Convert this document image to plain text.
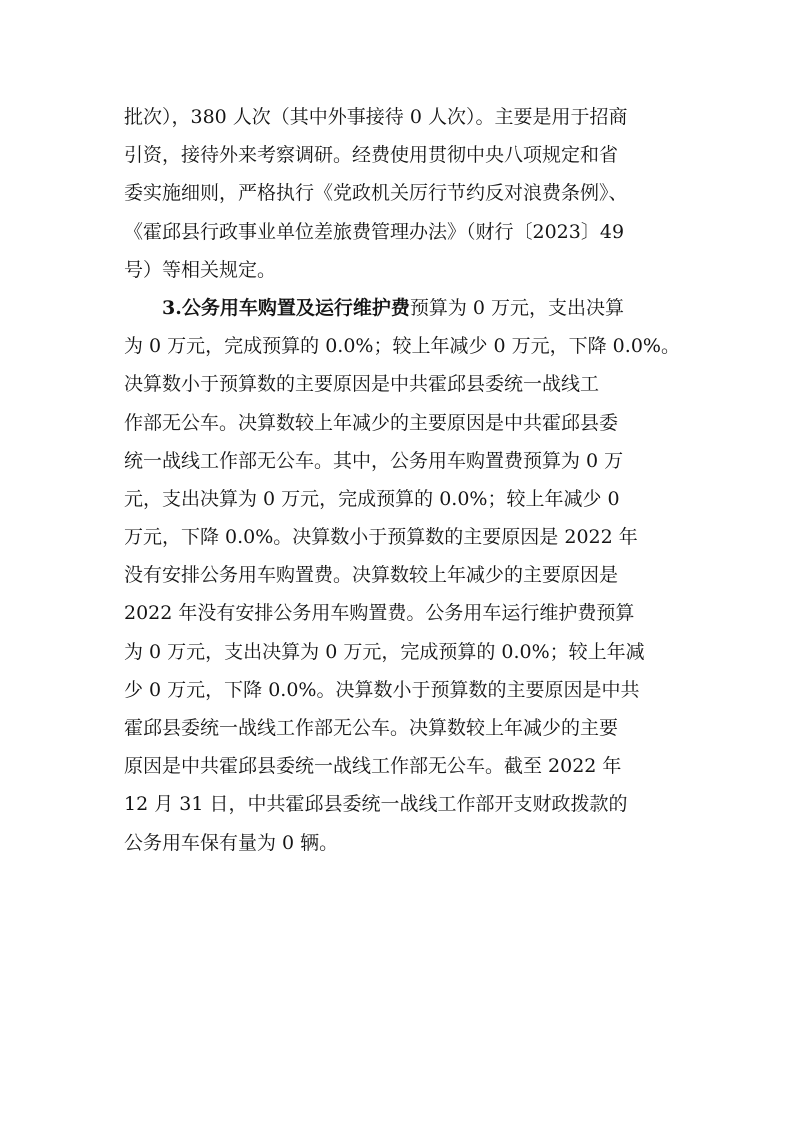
批次），380 人次（其中外事接待 0 人次）。主要是用于招商
引资，接待外来考察调研。经费使用贯彻中央八项规定和省
委实施细则，严格执行《党政机关厉行节约反对浪费条例》、
《霍邱县行政事业单位差旅费管理办法》（财行〔2023〕49
号）等相关规定。
3.公务用车购置及运行维护费预算为 0 万元，支出决算
为 0 万元，完成预算的 0.0%；较上年减少 0 万元，下降 0.0%。
决算数小于预算数的主要原因是中共霍邱县委统一战线工
作部无公车。决算数较上年减少的主要原因是中共霍邱县委
统一战线工作部无公车。其中，公务用车购置费预算为 0 万
元，支出决算为 0 万元，完成预算的 0.0%；较上年减少 0
万元，下降 0.0%。决算数小于预算数的主要原因是 2022 年
没有安排公务用车购置费。决算数较上年减少的主要原因是
2022 年没有安排公务用车购置费。公务用车运行维护费预算
为 0 万元，支出决算为 0 万元，完成预算的 0.0%；较上年减
少 0 万元，下降 0.0%。决算数小于预算数的主要原因是中共
霍邱县委统一战线工作部无公车。决算数较上年减少的主要
原因是中共霍邱县委统一战线工作部无公车。截至 2022 年
12 月 31 日，中共霍邱县委统一战线工作部开支财政拨款的
公务用车保有量为 0 辆。
